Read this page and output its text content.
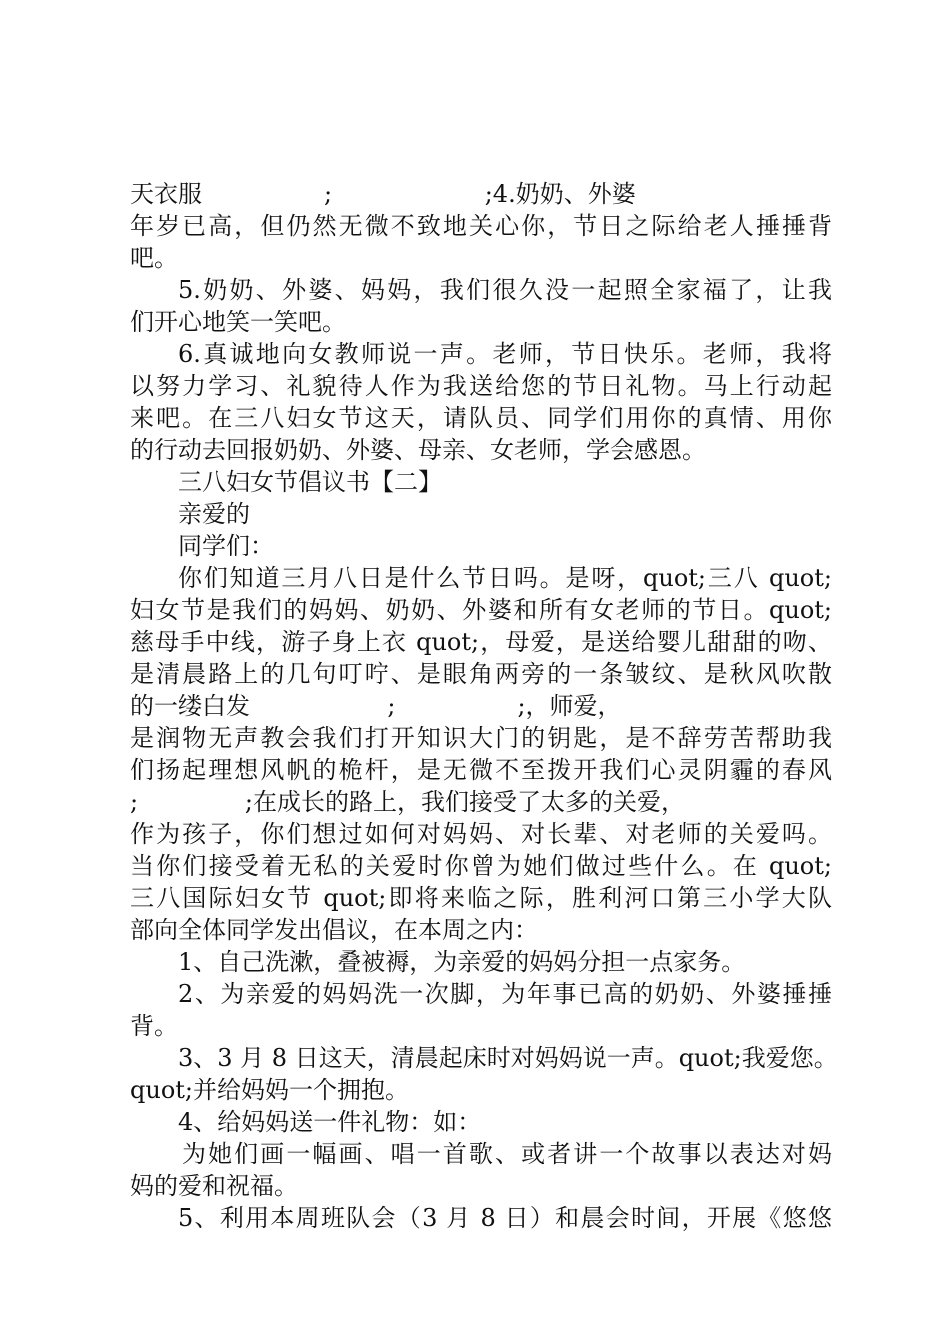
天衣服                ;                    ;4.奶奶、外婆
年岁已高，但仍然无微不致地关心你，节日之际给老人捶捶背
吧。
5.奶奶、外婆、妈妈，我们很久没一起照全家福了，让我
们开心地笑一笑吧。
6.真诚地向女教师说一声。老师，节日快乐。老师，我将
以努力学习、礼貌待人作为我送给您的节日礼物。马上行动起
来吧。在三八妇女节这天，请队员、同学们用你的真情、用你
的行动去回报奶奶、外婆、母亲、女老师，学会感恩。
三八妇女节倡议书【二】
亲爱的
同学们：
你们知道三月八日是什么节日吗。是呀，quot;三八 quot;
妇女节是我们的妈妈、奶奶、外婆和所有女老师的节日。quot;
慈母手中线，游子身上衣 quot;，母爱，是送给婴儿甜甜的吻、
是清晨路上的几句叮咛、是眼角两旁的一条皱纹、是秋风吹散
的一缕白发                  ;                ;，师爱，
是润物无声教会我们打开知识大门的钥匙，是不辞劳苦帮助我
们扬起理想风帆的桅杆，是无微不至拨开我们心灵阴霾的春风
;              ;在成长的路上，我们接受了太多的关爱，
作为孩子，你们想过如何对妈妈、对长辈、对老师的关爱吗。
当你们接受着无私的关爱时你曾为她们做过些什么。在 quot;
三八国际妇女节 quot;即将来临之际，胜利河口第三小学大队
部向全体同学发出倡议，在本周之内：
1、自己洗漱，叠被褥，为亲爱的妈妈分担一点家务。
2、为亲爱的妈妈洗一次脚，为年事已高的奶奶、外婆捶捶
背。
3、3 月 8 日这天，清晨起床时对妈妈说一声。quot;我爱您。
quot;并给妈妈一个拥抱。
4、给妈妈送一件礼物：如：
为她们画一幅画、唱一首歌、或者讲一个故事以表达对妈
妈的爱和祝福。
5、利用本周班队会（3 月 8 日）和晨会时间，开展《悠悠
